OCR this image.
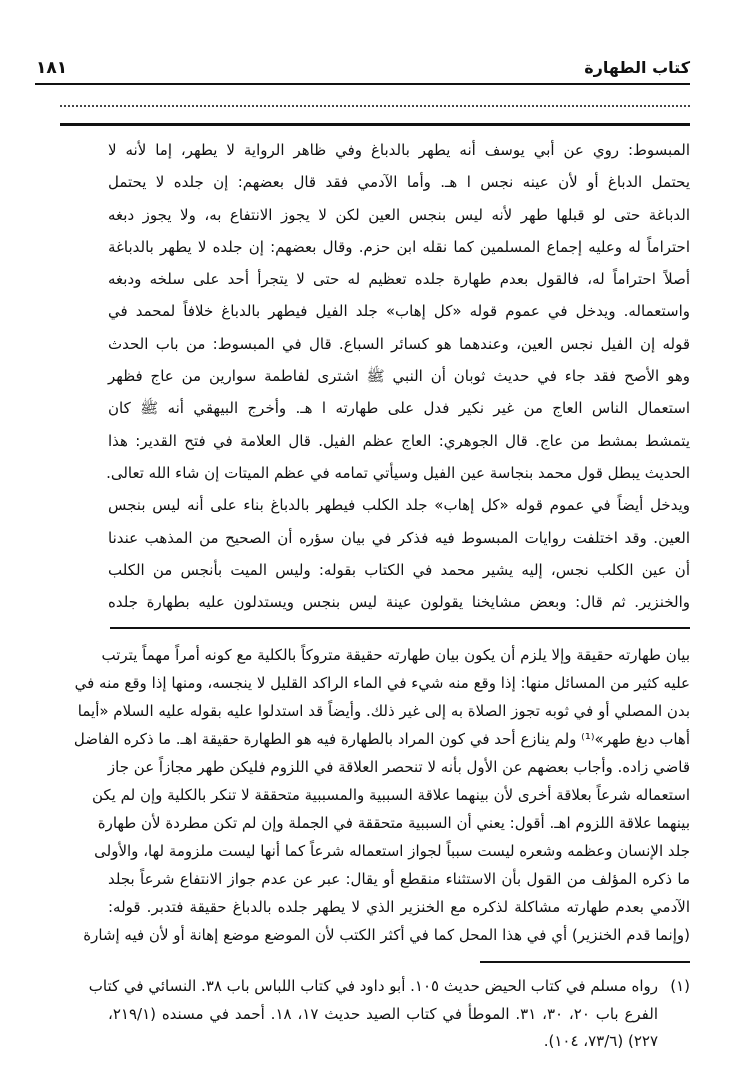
١٨١	كتاب الطهارة
المبسوط: روي عن أبي يوسف أنه يطهر بالدباغ وفي ظاهر الرواية لا يطهر، إما لأنه لا
يحتمل الدباغ أو لأن عينه نجس ا هـ. وأما الآدمي فقد قال بعضهم: إن جلده لا يحتمل
الدباغة حتى لو قبلها طهر لأنه ليس بنجس العين لكن لا يجوز الانتفاع به، ولا يجوز دبغه
احتراماً له وعليه إجماع المسلمين كما نقله ابن حزم. وقال بعضهم: إن جلده لا يطهر بالدباغة
أصلاً احتراماً له، فالقول بعدم طهارة جلده تعظيم له حتى لا يتجرأ أحد على سلخه ودبغه
واستعماله. ويدخل في عموم قوله «كل إهاب» جلد الفيل فيطهر بالدباغ خلافاً لمحمد في
قوله إن الفيل نجس العين، وعندهما هو كسائر السباع. قال في المبسوط: من باب الحدث
وهو الأصح فقد جاء في حديث ثوبان أن النبي ﷺ اشترى لفاطمة سوارين من عاج فظهر
استعمال الناس العاج من غير نكير فدل على طهارته ا هـ. وأخرج البيهقي أنه ﷺ كان
يتمشط بمشط من عاج. قال الجوهري: العاج عظم الفيل. قال العلامة في فتح القدير: هذا
الحديث يبطل قول محمد بنجاسة عين الفيل وسيأتي تمامه في عظم الميتات إن شاء الله تعالى.
ويدخل أيضاً في عموم قوله «كل إهاب» جلد الكلب فيطهر بالدباغ بناء على أنه ليس بنجس
العين. وقد اختلفت روايات المبسوط فيه فذكر في بيان سؤره أن الصحيح من المذهب عندنا
أن عين الكلب نجس، إليه يشير محمد في الكتاب بقوله: وليس الميت بأنجس من الكلب
والخنزير. ثم قال: وبعض مشايخنا يقولون عينة ليس بنجس ويستدلون عليه بطهارة جلده
بيان طهارته حقيقة وإلا يلزم أن يكون بيان طهارته حقيقة متروكاً بالكلية مع كونه أمراً مهماً يترتب
عليه كثير من المسائل منها: إذا وقع منه شيء في الماء الراكد القليل لا ينجسه، ومنها إذا وقع منه في
بدن المصلي أو في ثوبه تجوز الصلاة به إلى غير ذلك. وأيضاً قد استدلوا عليه بقوله عليه السلام «أيما
أهاب دبغ طهر»⁽¹⁾ ولم ينازع أحد في كون المراد بالطهارة فيه هو الطهارة حقيقة اهـ. ما ذكره الفاضل
قاضي زاده. وأجاب بعضهم عن الأول بأنه لا تنحصر العلاقة في اللزوم فليكن طهر مجازاً عن جاز
استعماله شرعاً بعلاقة أخرى لأن بينهما علاقة السببية والمسببية متحققة لا تنكر بالكلية وإن لم يكن
بينهما علاقة اللزوم اهـ. أقول: يعني أن السببية متحققة في الجملة وإن لم تكن مطردة لأن طهارة
جلد الإنسان وعظمه وشعره ليست سبباً لجواز استعماله شرعاً كما أنها ليست ملزومة لها، والأولى
ما ذكره المؤلف من القول بأن الاستثناء منقطع أو يقال: عبر عن عدم جواز الانتفاع شرعاً بجلد
الآدمي بعدم طهارته مشاكلة لذكره مع الخنزير الذي لا يطهر جلده بالدباغ حقيقة فتدبر. قوله:
(وإنما قدم الخنزير) أي في هذا المحل كما في أكثر الكتب لأن الموضع موضع إهانة أو لأن فيه إشارة
(١)
رواه مسلم في كتاب الحيض حديث ١٠٥. أبو داود في كتاب اللباس باب ٣٨. النسائي في كتاب
الفرع باب ٢٠، ٣٠، ٣١. الموطأ في كتاب الصيد حديث ١٧، ١٨. أحمد في مسنده (٢١٩/١،
٢٢٧) (٧٣/٦، ١٠٤).
